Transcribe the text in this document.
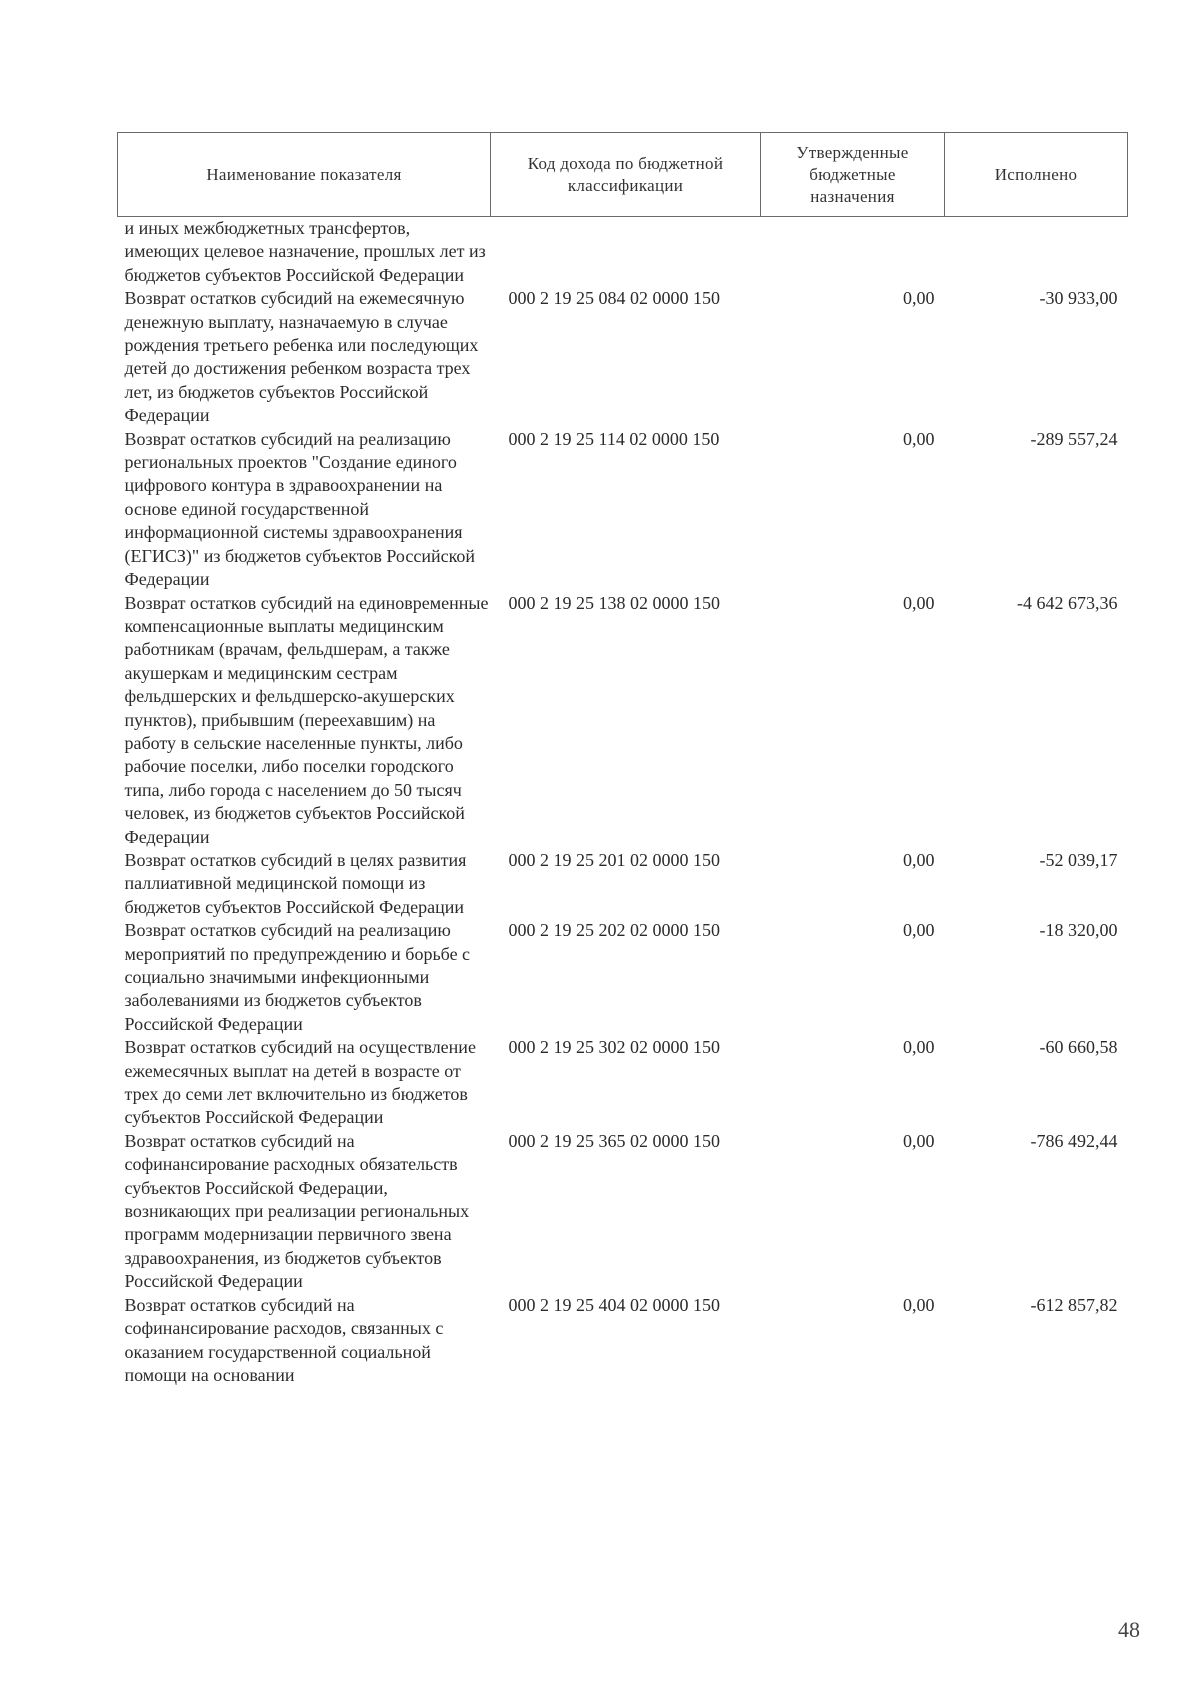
Наименование показателя	Код дохода по бюджетной классификации	Утвержденные бюджетные назначения	Исполнено
и иных межбюджетных трансфертов, имеющих целевое назначение, прошлых лет из бюджетов субъектов Российской Федерации			
Возврат остатков субсидий на ежемесячную денежную выплату, назначаемую в случае рождения третьего ребенка или последующих детей до достижения ребенком возраста трех лет, из бюджетов субъектов Российской Федерации	000 2 19 25 084 02 0000 150	0,00	-30 933,00
Возврат остатков субсидий на реализацию региональных проектов "Создание единого цифрового контура в здравоохранении на основе единой государственной информационной системы здравоохранения (ЕГИСЗ)" из бюджетов субъектов Российской Федерации	000 2 19 25 114 02 0000 150	0,00	-289 557,24
Возврат остатков субсидий на единовременные компенсационные выплаты медицинским работникам (врачам, фельдшерам, а также акушеркам и медицинским сестрам фельдшерских и фельдшерско-акушерских пунктов), прибывшим (переехавшим) на работу в сельские населенные пункты, либо рабочие поселки, либо поселки городского типа, либо города с населением до 50 тысяч человек, из бюджетов субъектов Российской Федерации	000 2 19 25 138 02 0000 150	0,00	-4 642 673,36
Возврат остатков субсидий в целях развития паллиативной медицинской помощи из бюджетов субъектов Российской Федерации	000 2 19 25 201 02 0000 150	0,00	-52 039,17
Возврат остатков субсидий на реализацию мероприятий по предупреждению и борьбе с социально значимыми инфекционными заболеваниями из бюджетов субъектов Российской Федерации	000 2 19 25 202 02 0000 150	0,00	-18 320,00
Возврат остатков субсидий на осуществление ежемесячных выплат на детей в возрасте от трех до семи лет включительно из бюджетов субъектов Российской Федерации	000 2 19 25 302 02 0000 150	0,00	-60 660,58
Возврат остатков субсидий на софинансирование расходных обязательств субъектов Российской Федерации, возникающих при реализации региональных программ модернизации первичного звена здравоохранения, из бюджетов субъектов Российской Федерации	000 2 19 25 365 02 0000 150	0,00	-786 492,44
Возврат остатков субсидий на софинансирование расходов, связанных с оказанием государственной социальной помощи на основании	000 2 19 25 404 02 0000 150	0,00	-612 857,82
48
